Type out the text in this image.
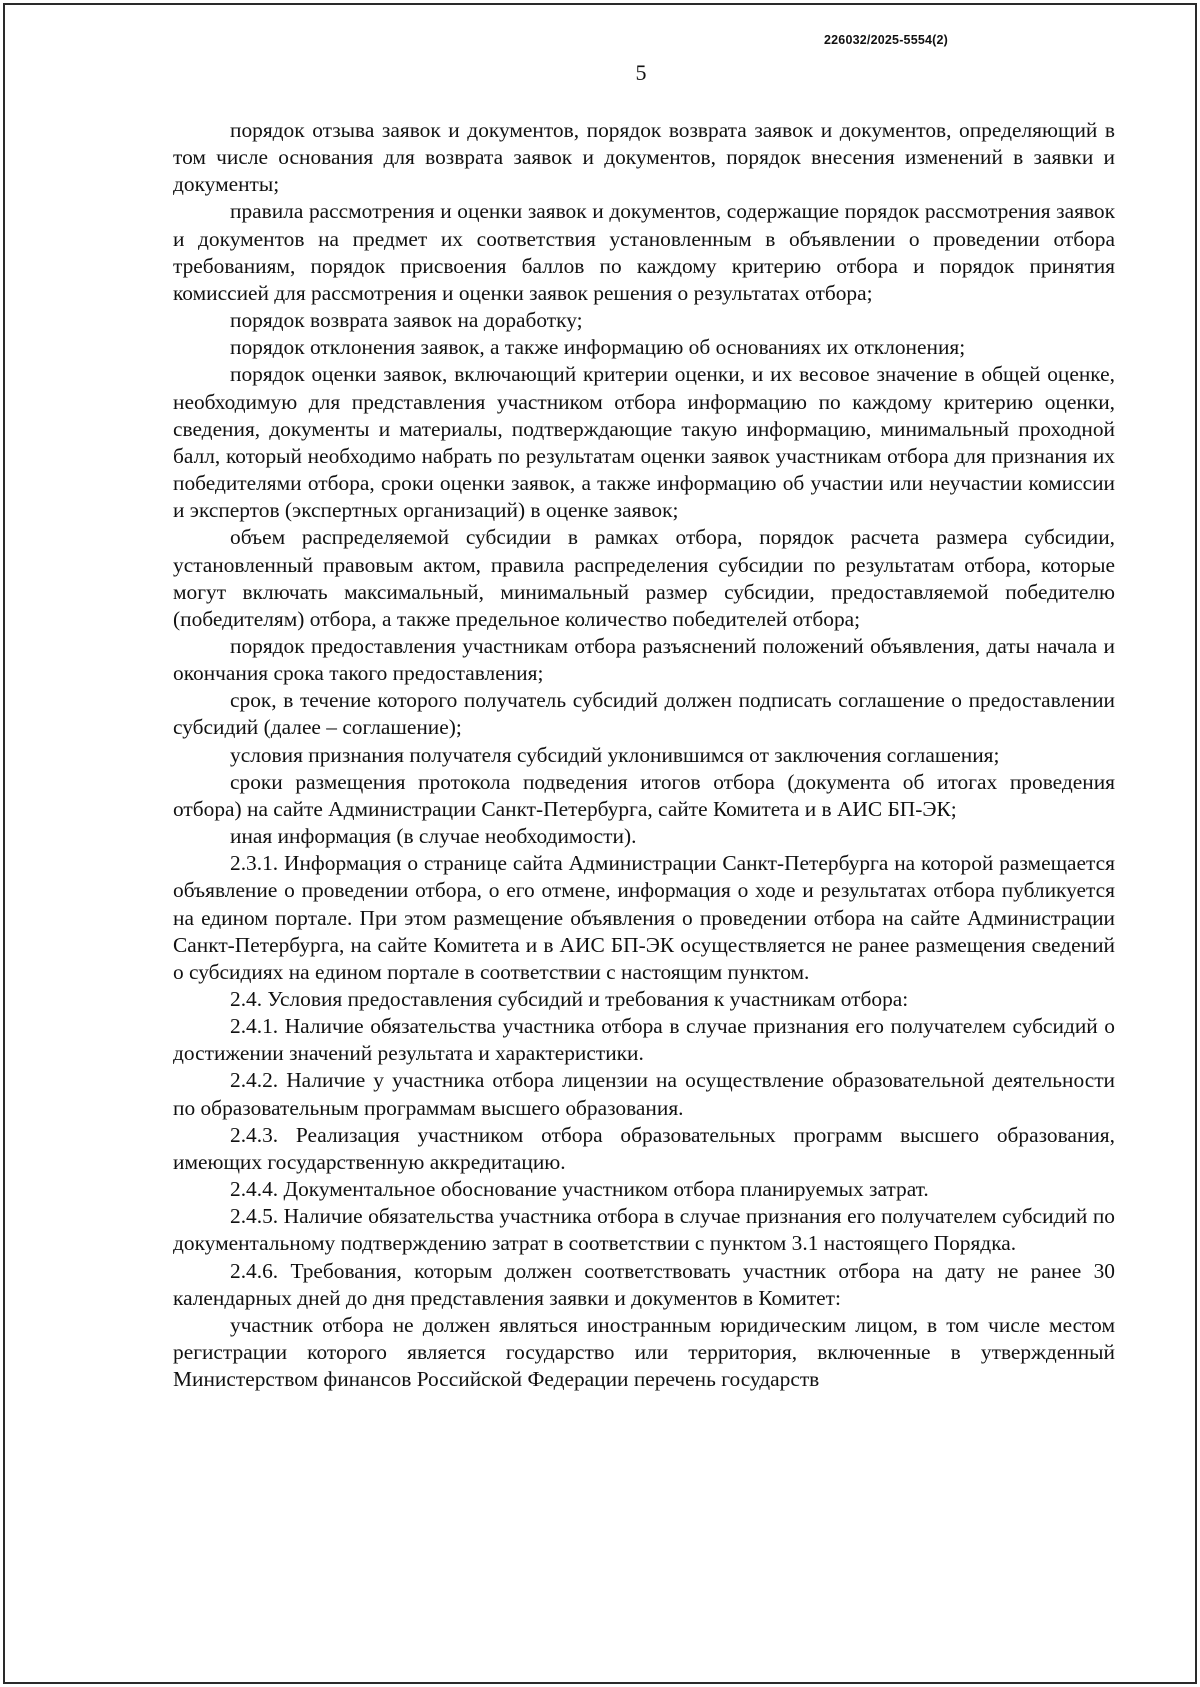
226032/2025-5554(2)
5

порядок отзыва заявок и документов, порядок возврата заявок и документов, определяющий в том числе основания для возврата заявок и документов, порядок внесения изменений в заявки и документы;

правила рассмотрения и оценки заявок и документов, содержащие порядок рассмотрения заявок и документов на предмет их соответствия установленным в объявлении о проведении отбора требованиям, порядок присвоения баллов по каждому критерию отбора и порядок принятия комиссией для рассмотрения и оценки заявок решения о результатах отбора;

порядок возврата заявок на доработку;

порядок отклонения заявок, а также информацию об основаниях их отклонения;

порядок оценки заявок, включающий критерии оценки, и их весовое значение в общей оценке, необходимую для представления участником отбора информацию по каждому критерию оценки, сведения, документы и материалы, подтверждающие такую информацию, минимальный проходной балл, который необходимо набрать по результатам оценки заявок участникам отбора для признания их победителями отбора, сроки оценки заявок, а также информацию об участии или неучастии комиссии и экспертов (экспертных организаций) в оценке заявок;

объем распределяемой субсидии в рамках отбора, порядок расчета размера субсидии, установленный правовым актом, правила распределения субсидии по результатам отбора, которые могут включать максимальный, минимальный размер субсидии, предоставляемой победителю (победителям) отбора, а также предельное количество победителей отбора;

порядок предоставления участникам отбора разъяснений положений объявления, даты начала и окончания срока такого предоставления;

срок, в течение которого получатель субсидий должен подписать соглашение о предоставлении субсидий (далее – соглашение);

условия признания получателя субсидий уклонившимся от заключения соглашения;

сроки размещения протокола подведения итогов отбора (документа об итогах проведения отбора) на сайте Администрации Санкт-Петербурга, сайте Комитета и в АИС БП-ЭК;

иная информация (в случае необходимости).

2.3.1. Информация о странице сайта Администрации Санкт-Петербурга на которой размещается объявление о проведении отбора, о его отмене, информация о ходе и результатах отбора публикуется на едином портале. При этом размещение объявления о проведении отбора на сайте Администрации Санкт-Петербурга, на сайте Комитета и в АИС БП-ЭК осуществляется не ранее размещения сведений о субсидиях на едином портале в соответствии с настоящим пунктом.

2.4. Условия предоставления субсидий и требования к участникам отбора:

2.4.1. Наличие обязательства участника отбора в случае признания его получателем субсидий о достижении значений результата и характеристики.

2.4.2. Наличие у участника отбора лицензии на осуществление образовательной деятельности по образовательным программам высшего образования.

2.4.3. Реализация участником отбора образовательных программ высшего образования, имеющих государственную аккредитацию.

2.4.4. Документальное обоснование участником отбора планируемых затрат.

2.4.5. Наличие обязательства участника отбора в случае признания его получателем субсидий по документальному подтверждению затрат в соответствии с пунктом 3.1 настоящего Порядка.

2.4.6. Требования, которым должен соответствовать участник отбора на дату не ранее 30 календарных дней до дня представления заявки и документов в Комитет:

участник отбора не должен являться иностранным юридическим лицом, в том числе местом регистрации которого является государство или территория, включенные в утвержденный Министерством финансов Российской Федерации перечень государств
